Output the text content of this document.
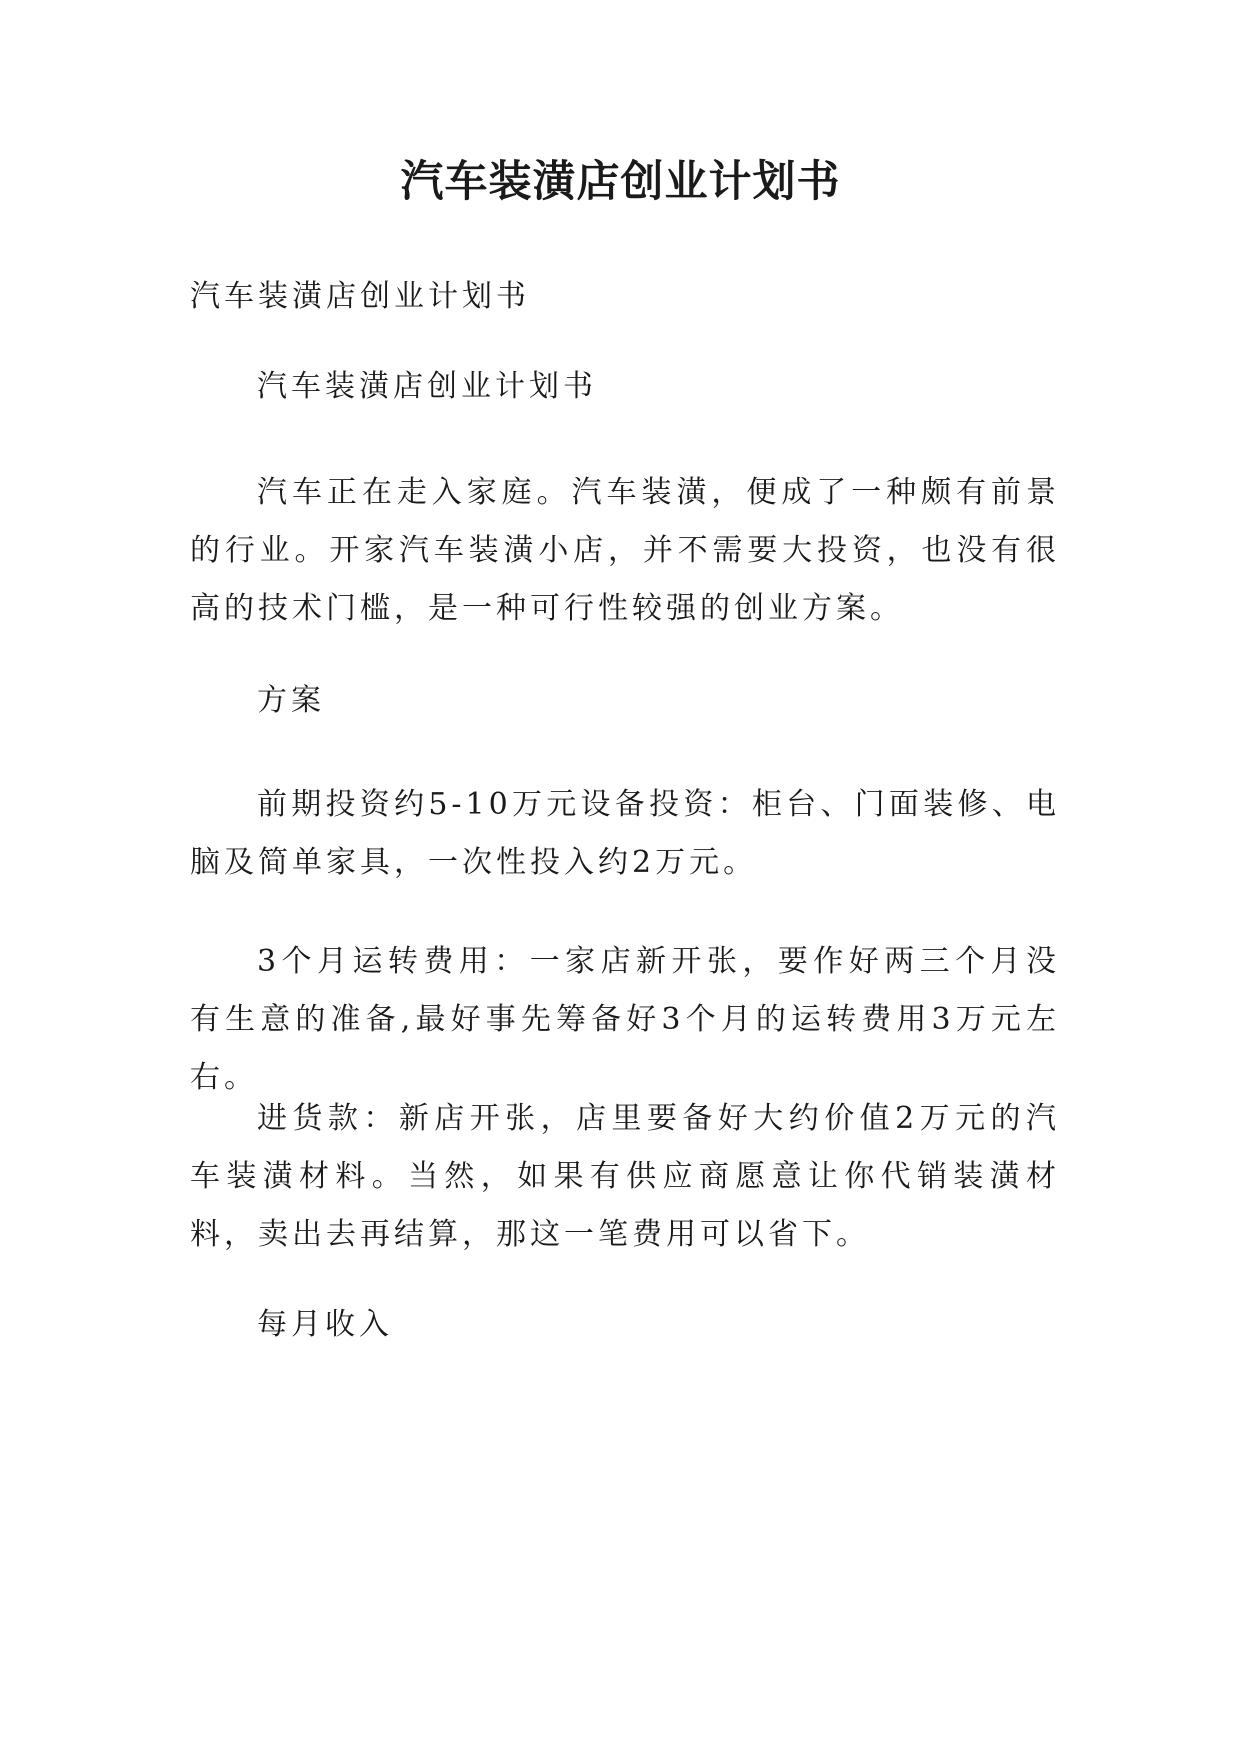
汽车装潢店创业计划书

汽车装潢店创业计划书

汽车装潢店创业计划书

汽车正在走入家庭。汽车装潢，便成了一种颇有前景的行业。开家汽车装潢小店，并不需要大投资，也没有很高的技术门槛，是一种可行性较强的创业方案。

方案

前期投资约5-10万元设备投资：柜台、门面装修、电脑及简单家具，一次性投入约2万元。

3个月运转费用：一家店新开张，要作好两三个月没有生意的准备,最好事先筹备好3个月的运转费用3万元左右。

进货款：新店开张，店里要备好大约价值2万元的汽车装潢材料。当然，如果有供应商愿意让你代销装潢材料，卖出去再结算，那这一笔费用可以省下。

每月收入
